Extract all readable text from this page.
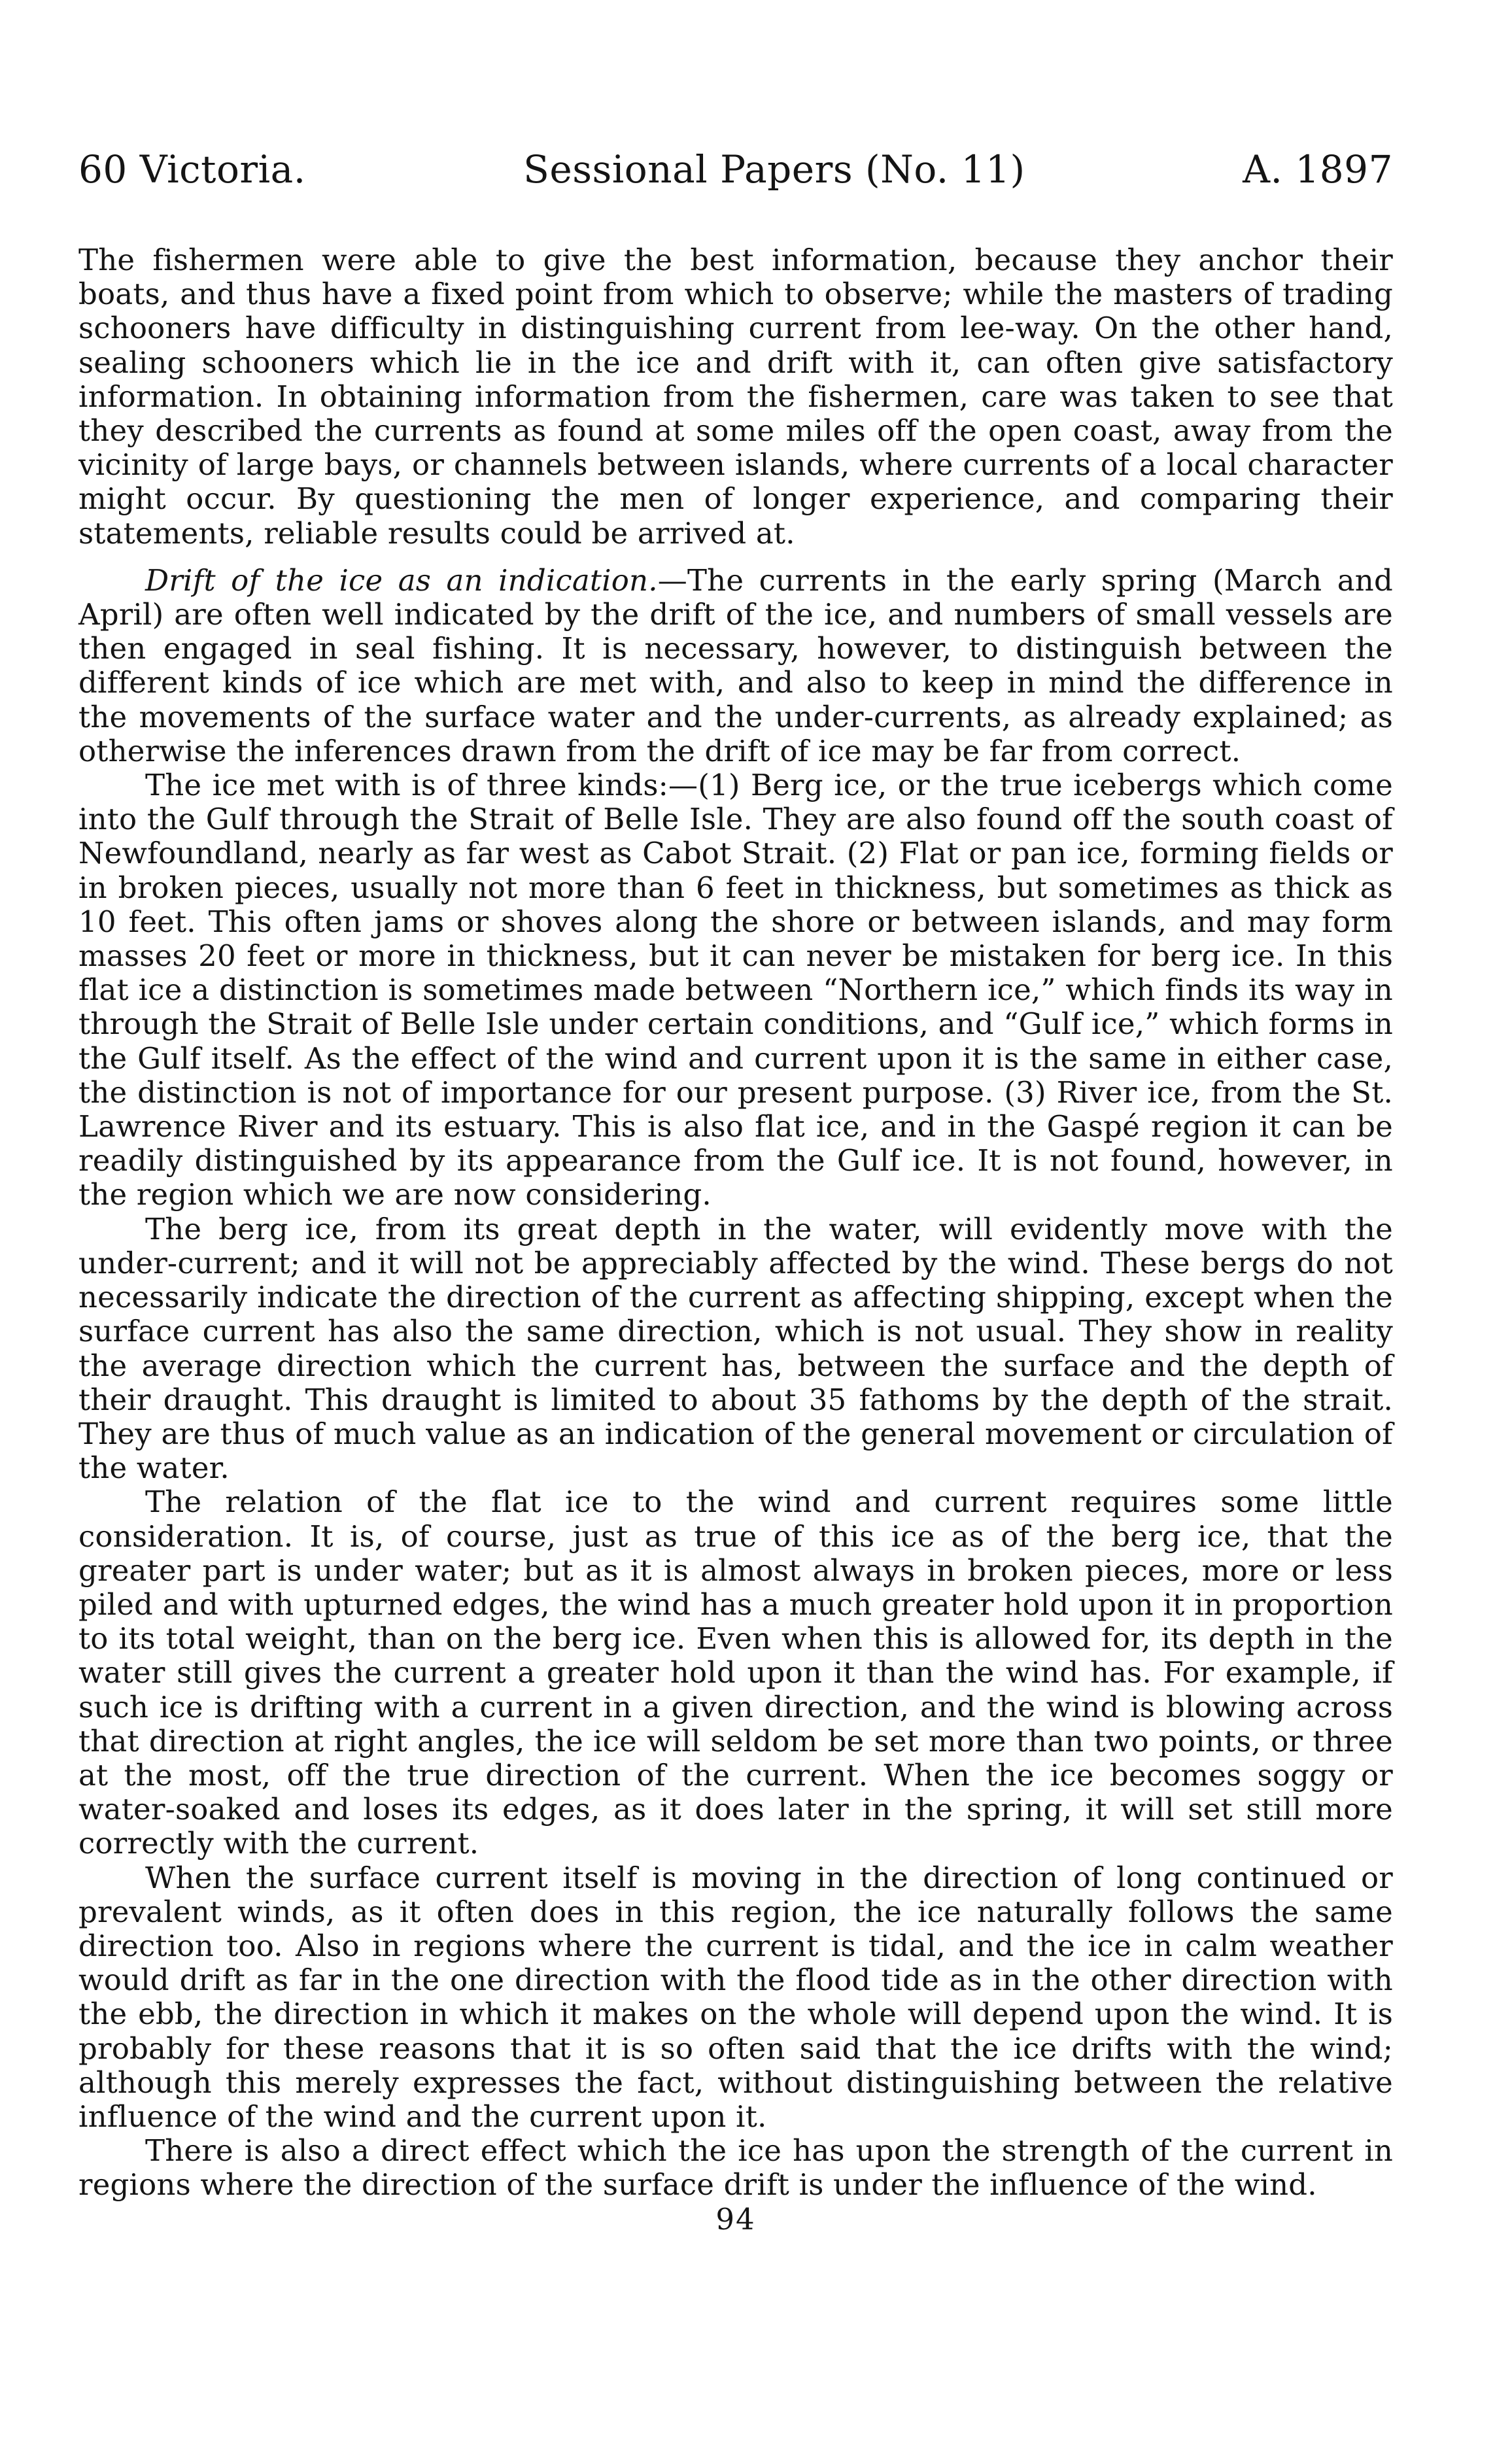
60 Victoria.	Sessional Papers (No. 11)	A. 1897

The fishermen were able to give the best information, because they anchor their boats, and thus have a fixed point from which to observe; while the masters of trading schooners have difficulty in distinguishing current from lee-way. On the other hand, sealing schooners which lie in the ice and drift with it, can often give satisfactory information. In obtaining information from the fishermen, care was taken to see that they described the currents as found at some miles off the open coast, away from the vicinity of large bays, or channels between islands, where currents of a local character might occur. By questioning the men of longer experience, and comparing their statements, reliable results could be arrived at.

Drift of the ice as an indication.—The currents in the early spring (March and April) are often well indicated by the drift of the ice, and numbers of small vessels are then engaged in seal fishing. It is necessary, however, to distinguish between the different kinds of ice which are met with, and also to keep in mind the difference in the movements of the surface water and the under-currents, as already explained; as otherwise the inferences drawn from the drift of ice may be far from correct.

The ice met with is of three kinds:—(1) Berg ice, or the true icebergs which come into the Gulf through the Strait of Belle Isle. They are also found off the south coast of Newfoundland, nearly as far west as Cabot Strait. (2) Flat or pan ice, forming fields or in broken pieces, usually not more than 6 feet in thickness, but sometimes as thick as 10 feet. This often jams or shoves along the shore or between islands, and may form masses 20 feet or more in thickness, but it can never be mistaken for berg ice. In this flat ice a distinction is sometimes made between “Northern ice,” which finds its way in through the Strait of Belle Isle under certain conditions, and “Gulf ice,” which forms in the Gulf itself. As the effect of the wind and current upon it is the same in either case, the distinction is not of importance for our present purpose. (3) River ice, from the St. Lawrence River and its estuary. This is also flat ice, and in the Gaspé region it can be readily distinguished by its appearance from the Gulf ice. It is not found, however, in the region which we are now considering.

The berg ice, from its great depth in the water, will evidently move with the under-current; and it will not be appreciably affected by the wind. These bergs do not necessarily indicate the direction of the current as affecting shipping, except when the surface current has also the same direction, which is not usual. They show in reality the average direction which the current has, between the surface and the depth of their draught. This draught is limited to about 35 fathoms by the depth of the strait. They are thus of much value as an indication of the general movement or circulation of the water.

The relation of the flat ice to the wind and current requires some little consideration. It is, of course, just as true of this ice as of the berg ice, that the greater part is under water; but as it is almost always in broken pieces, more or less piled and with upturned edges, the wind has a much greater hold upon it in proportion to its total weight, than on the berg ice. Even when this is allowed for, its depth in the water still gives the current a greater hold upon it than the wind has. For example, if such ice is drifting with a current in a given direction, and the wind is blowing across that direction at right angles, the ice will seldom be set more than two points, or three at the most, off the true direction of the current. When the ice becomes soggy or water-soaked and loses its edges, as it does later in the spring, it will set still more correctly with the current.

When the surface current itself is moving in the direction of long continued or prevalent winds, as it often does in this region, the ice naturally follows the same direction too. Also in regions where the current is tidal, and the ice in calm weather would drift as far in the one direction with the flood tide as in the other direction with the ebb, the direction in which it makes on the whole will depend upon the wind. It is probably for these reasons that it is so often said that the ice drifts with the wind; although this merely expresses the fact, without distinguishing between the relative influence of the wind and the current upon it.

There is also a direct effect which the ice has upon the strength of the current in regions where the direction of the surface drift is under the influence of the wind.

94
